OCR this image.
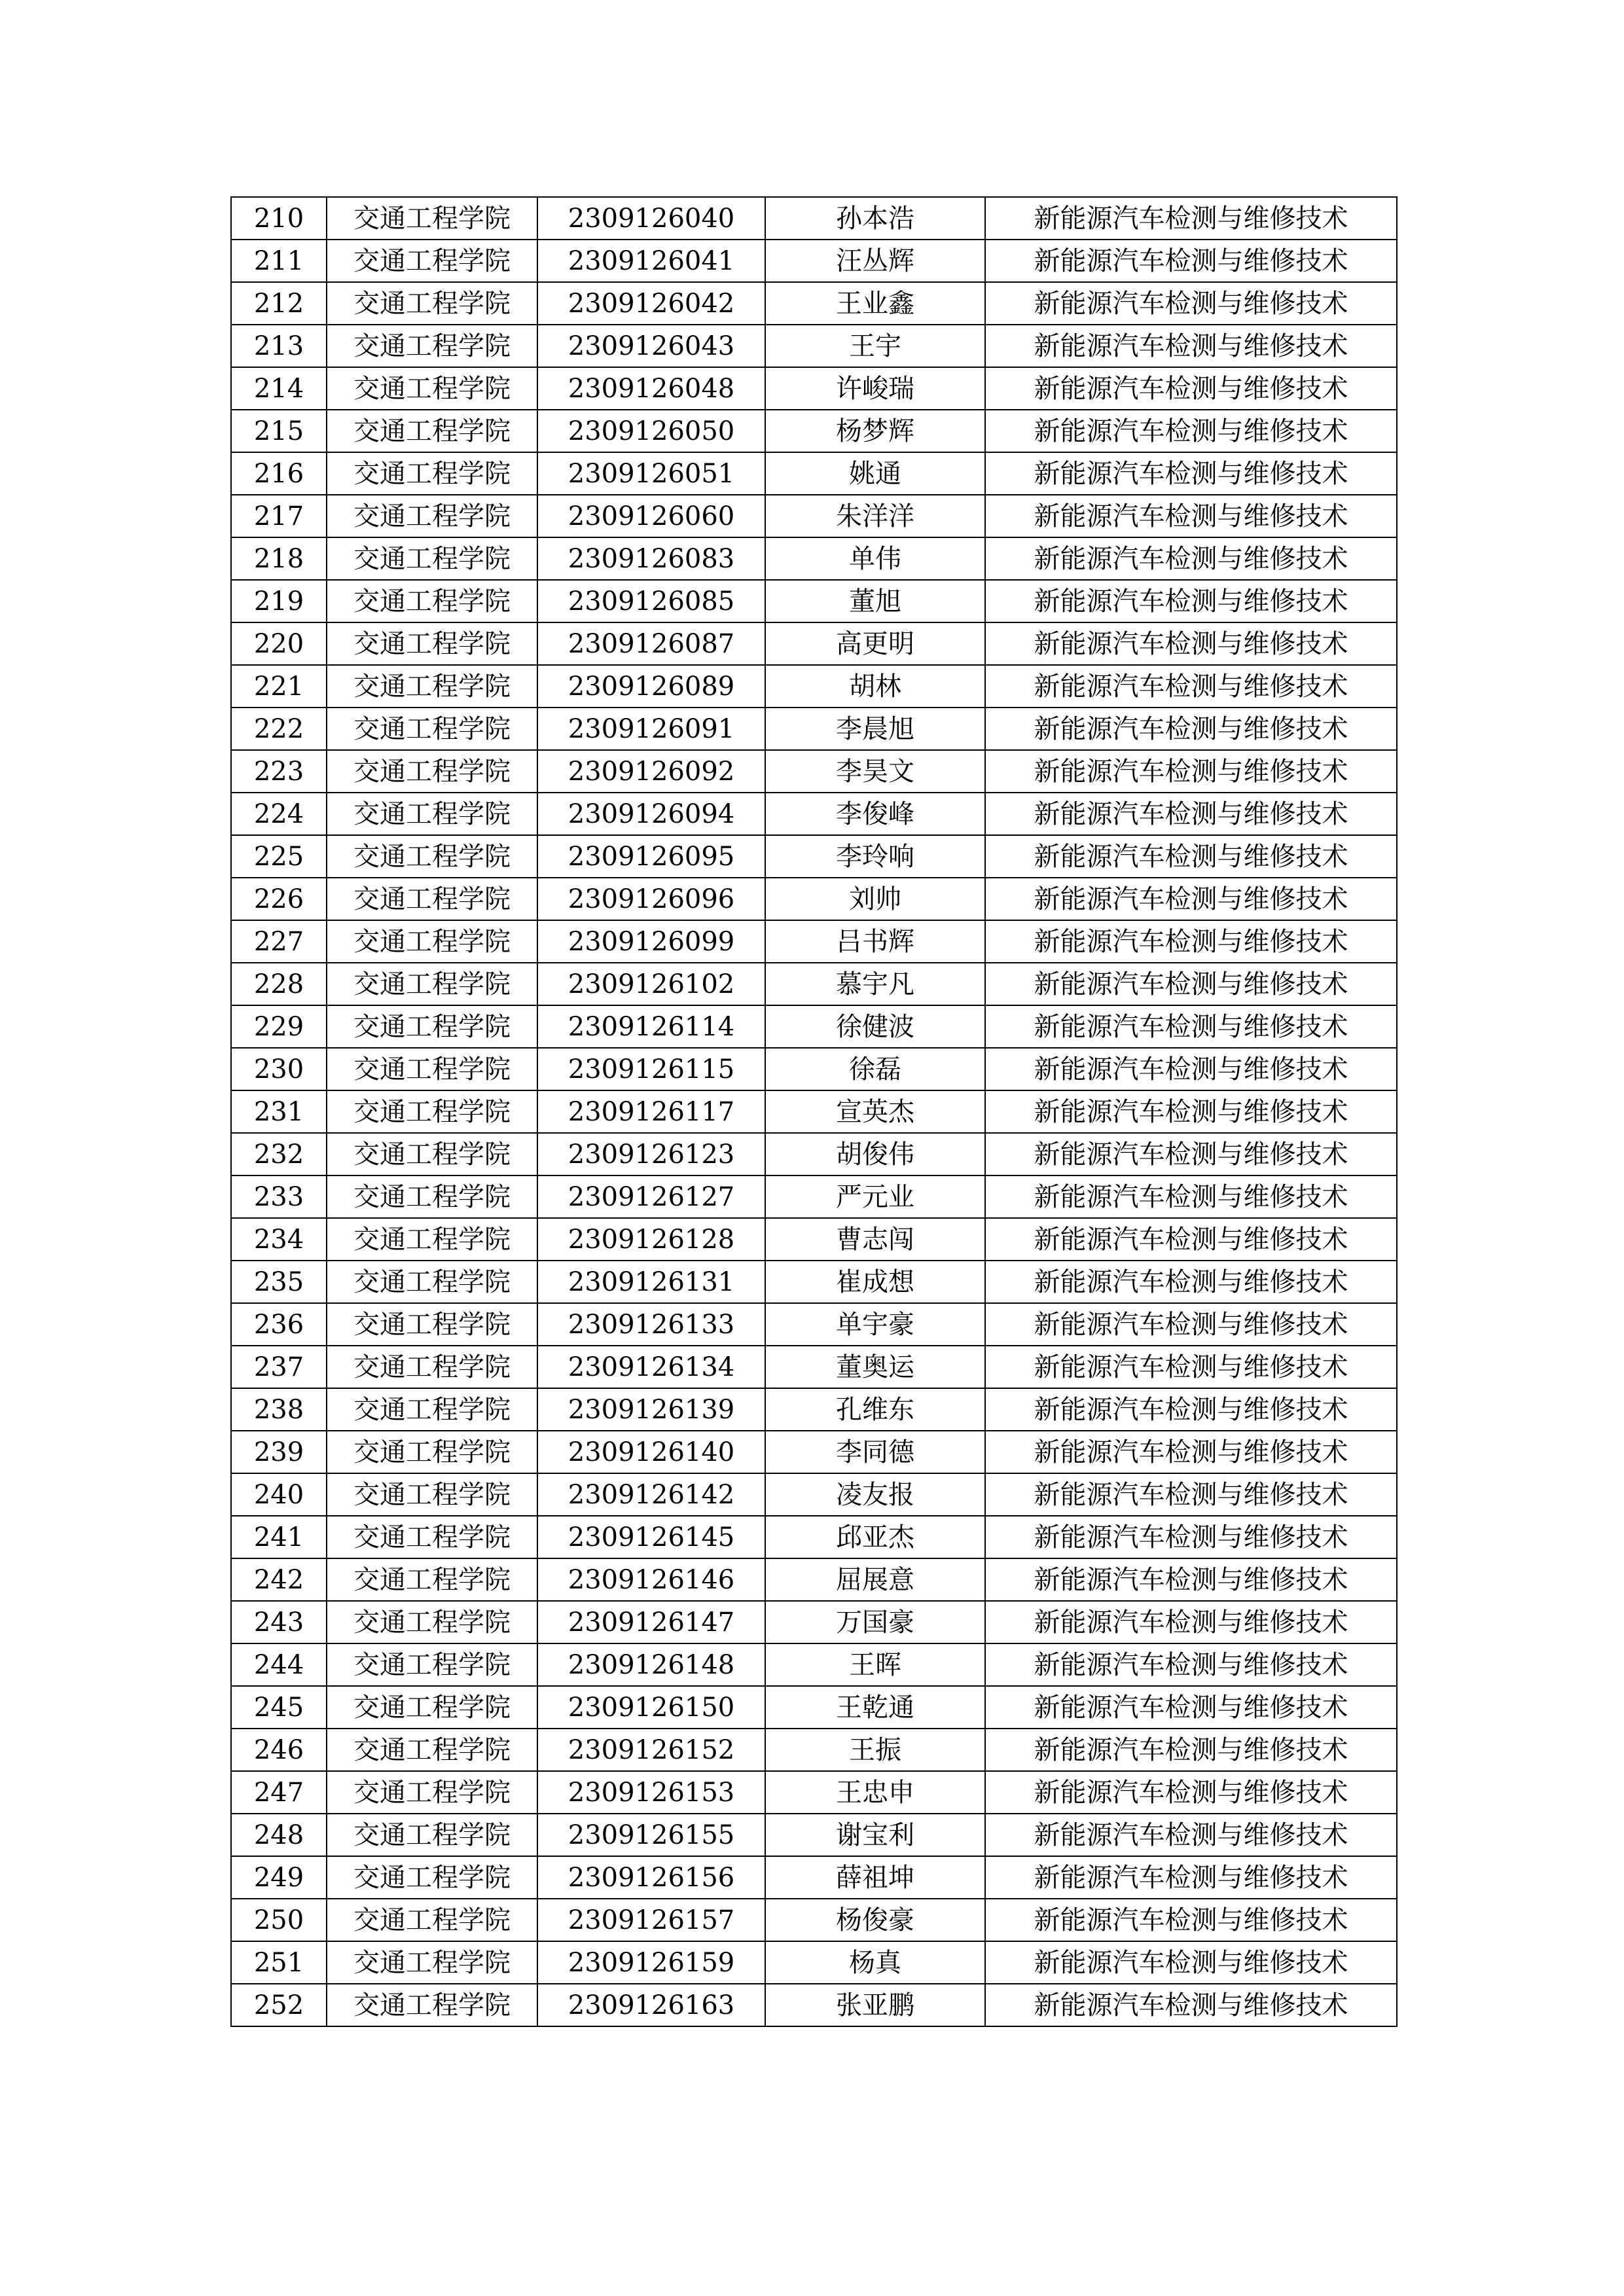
210	交通工程学院	2309126040	孙本浩	新能源汽车检测与维修技术
211	交通工程学院	2309126041	汪丛辉	新能源汽车检测与维修技术
212	交通工程学院	2309126042	王业鑫	新能源汽车检测与维修技术
213	交通工程学院	2309126043	王宇	新能源汽车检测与维修技术
214	交通工程学院	2309126048	许峻瑞	新能源汽车检测与维修技术
215	交通工程学院	2309126050	杨梦辉	新能源汽车检测与维修技术
216	交通工程学院	2309126051	姚通	新能源汽车检测与维修技术
217	交通工程学院	2309126060	朱洋洋	新能源汽车检测与维修技术
218	交通工程学院	2309126083	单伟	新能源汽车检测与维修技术
219	交通工程学院	2309126085	董旭	新能源汽车检测与维修技术
220	交通工程学院	2309126087	高更明	新能源汽车检测与维修技术
221	交通工程学院	2309126089	胡林	新能源汽车检测与维修技术
222	交通工程学院	2309126091	李晨旭	新能源汽车检测与维修技术
223	交通工程学院	2309126092	李昊文	新能源汽车检测与维修技术
224	交通工程学院	2309126094	李俊峰	新能源汽车检测与维修技术
225	交通工程学院	2309126095	李玲响	新能源汽车检测与维修技术
226	交通工程学院	2309126096	刘帅	新能源汽车检测与维修技术
227	交通工程学院	2309126099	吕书辉	新能源汽车检测与维修技术
228	交通工程学院	2309126102	慕宇凡	新能源汽车检测与维修技术
229	交通工程学院	2309126114	徐健波	新能源汽车检测与维修技术
230	交通工程学院	2309126115	徐磊	新能源汽车检测与维修技术
231	交通工程学院	2309126117	宣英杰	新能源汽车检测与维修技术
232	交通工程学院	2309126123	胡俊伟	新能源汽车检测与维修技术
233	交通工程学院	2309126127	严元业	新能源汽车检测与维修技术
234	交通工程学院	2309126128	曹志闯	新能源汽车检测与维修技术
235	交通工程学院	2309126131	崔成想	新能源汽车检测与维修技术
236	交通工程学院	2309126133	单宇豪	新能源汽车检测与维修技术
237	交通工程学院	2309126134	董奥运	新能源汽车检测与维修技术
238	交通工程学院	2309126139	孔维东	新能源汽车检测与维修技术
239	交通工程学院	2309126140	李同德	新能源汽车检测与维修技术
240	交通工程学院	2309126142	凌友报	新能源汽车检测与维修技术
241	交通工程学院	2309126145	邱亚杰	新能源汽车检测与维修技术
242	交通工程学院	2309126146	屈展意	新能源汽车检测与维修技术
243	交通工程学院	2309126147	万国豪	新能源汽车检测与维修技术
244	交通工程学院	2309126148	王晖	新能源汽车检测与维修技术
245	交通工程学院	2309126150	王乾通	新能源汽车检测与维修技术
246	交通工程学院	2309126152	王振	新能源汽车检测与维修技术
247	交通工程学院	2309126153	王忠申	新能源汽车检测与维修技术
248	交通工程学院	2309126155	谢宝利	新能源汽车检测与维修技术
249	交通工程学院	2309126156	薛祖坤	新能源汽车检测与维修技术
250	交通工程学院	2309126157	杨俊豪	新能源汽车检测与维修技术
251	交通工程学院	2309126159	杨真	新能源汽车检测与维修技术
252	交通工程学院	2309126163	张亚鹏	新能源汽车检测与维修技术
